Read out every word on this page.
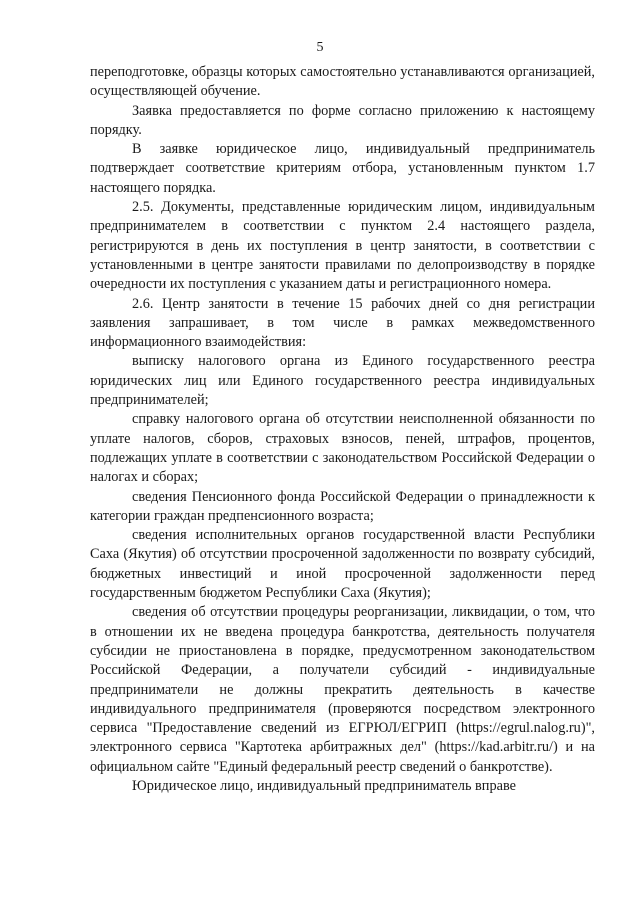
5

переподготовке, образцы которых самостоятельно устанавливаются организацией, осуществляющей обучение.

Заявка предоставляется по форме согласно приложению к настоящему порядку.

В заявке юридическое лицо, индивидуальный предприниматель подтверждает соответствие критериям отбора, установленным пунктом 1.7 настоящего порядка.

2.5. Документы, представленные юридическим лицом, индивидуальным предпринимателем в соответствии с пунктом 2.4 настоящего раздела, регистрируются в день их поступления в центр занятости, в соответствии с установленными в центре занятости правилами по делопроизводству в порядке очередности их поступления с указанием даты и регистрационного номера.

2.6. Центр занятости в течение 15 рабочих дней со дня регистрации заявления запрашивает, в том числе в рамках межведомственного информационного взаимодействия:

выписку налогового органа из Единого государственного реестра юридических лиц или Единого государственного реестра индивидуальных предпринимателей;

справку налогового органа об отсутствии неисполненной обязанности по уплате налогов, сборов, страховых взносов, пеней, штрафов, процентов, подлежащих уплате в соответствии с законодательством Российской Федерации о налогах и сборах;

сведения Пенсионного фонда Российской Федерации о принадлежности к категории граждан предпенсионного возраста;

сведения исполнительных органов государственной власти Республики Саха (Якутия) об отсутствии просроченной задолженности по возврату субсидий, бюджетных инвестиций и иной просроченной задолженности перед государственным бюджетом Республики Саха (Якутия);

сведения об отсутствии процедуры реорганизации, ликвидации, о том, что в отношении их не введена процедура банкротства, деятельность получателя субсидии не приостановлена в порядке, предусмотренном законодательством Российской Федерации, а получатели субсидий - индивидуальные предприниматели не должны прекратить деятельность в качестве индивидуального предпринимателя (проверяются посредством электронного сервиса "Предоставление сведений из ЕГРЮЛ/ЕГРИП (https://egrul.nalog.ru)", электронного сервиса "Картотека арбитражных дел" (https://kad.arbitr.ru/) и на официальном сайте "Единый федеральный реестр сведений о банкротстве).

Юридическое лицо, индивидуальный предприниматель вправе
